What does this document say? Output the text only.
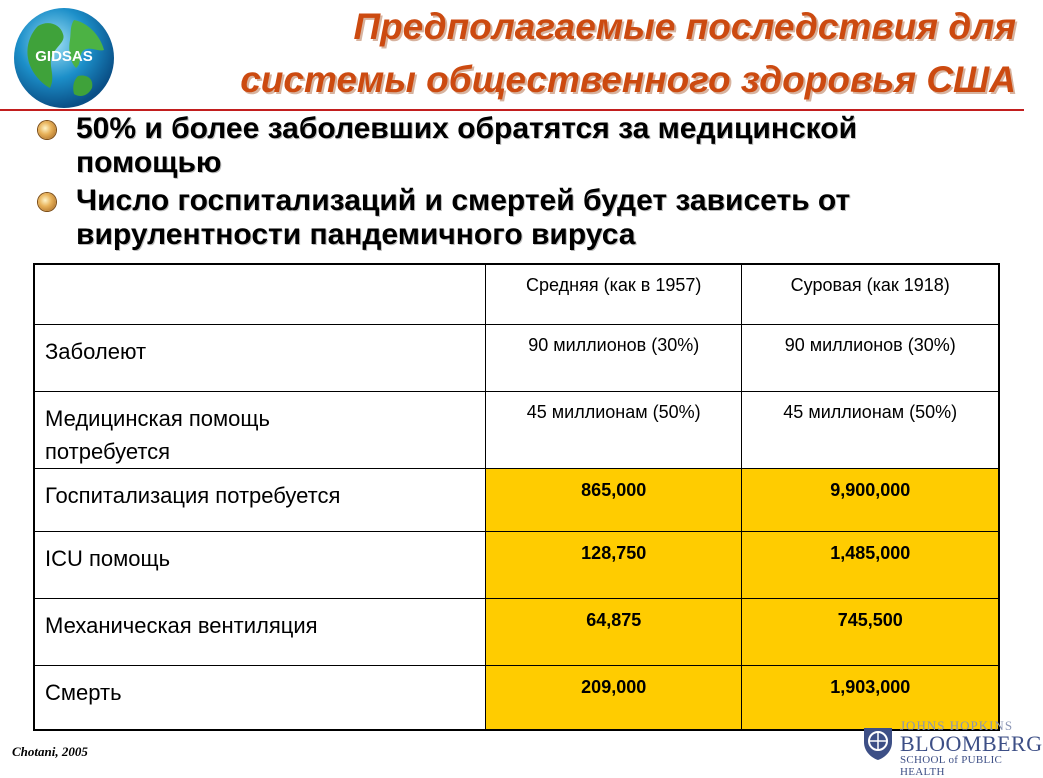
GIDSAS
Предполагаемые последствия для
системы общественного здоровья США
50% и более заболевших обратятся за медицинской
помощью
Число госпитализаций и смертей будет зависеть от
вирулентности пандемичного вируса
	Средняя (как в 1957)	Суровая (как 1918)
Заболеют	90 миллионов (30%)	90 миллионов (30%)

Медицинская помощь
потребуется	45 миллионам (50%)	45 миллионам (50%)
Госпитализация потребуется	865,000	9,900,000
ICU помощь	128,750	1,485,000
Механическая вентиляция	64,875	745,500
Смерть	209,000	1,903,000
Chotani, 2005
JOHNS HOPKINS
BLOOMBERG
SCHOOL of PUBLIC HEALTH
